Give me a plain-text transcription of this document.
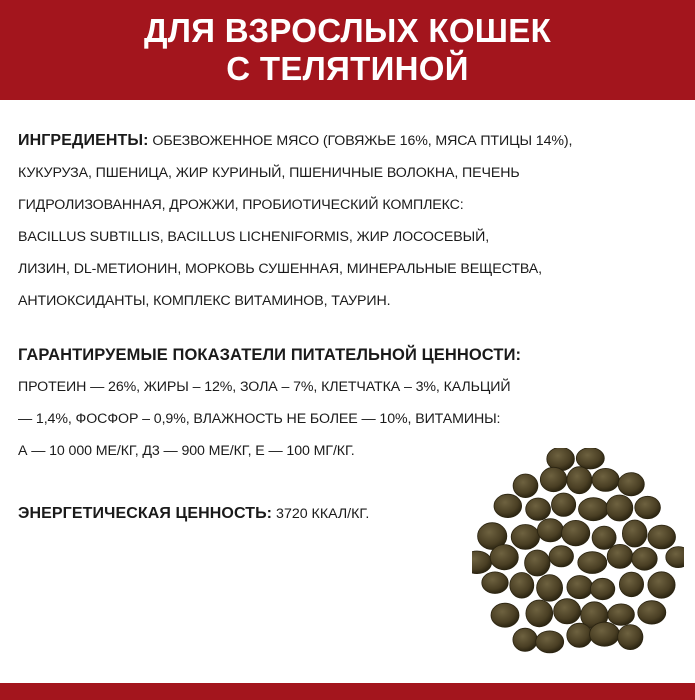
ДЛЯ ВЗРОСЛЫХ КОШЕК
С ТЕЛЯТИНОЙ
ИНГРЕДИЕНТЫ: ОБЕЗВОЖЕННОЕ МЯСО (ГОВЯЖЬЕ 16%, МЯСА ПТИЦЫ 14%),
КУКУРУЗА, ПШЕНИЦА, ЖИР КУРИНЫЙ, ПШЕНИЧНЫЕ ВОЛОКНА, ПЕЧЕНЬ
ГИДРОЛИЗОВАННАЯ, ДРОЖЖИ, ПРОБИОТИЧЕСКИЙ КОМПЛЕКС:
BACILLUS SUBTILLIS, BACILLUS LICHENIFORMIS, ЖИР ЛОСОСЕВЫЙ,
ЛИЗИН, DL-МЕТИОНИН, МОРКОВЬ СУШЕННАЯ, МИНЕРАЛЬНЫЕ ВЕЩЕСТВА,
АНТИОКСИДАНТЫ, КОМПЛЕКС ВИТАМИНОВ, ТАУРИН.
ГАРАНТИРУЕМЫЕ ПОКАЗАТЕЛИ ПИТАТЕЛЬНОЙ ЦЕННОСТИ:
ПРОТЕИН — 26%, ЖИРЫ – 12%, ЗОЛА – 7%, КЛЕТЧАТКА – 3%, КАЛЬЦИЙ
— 1,4%, ФОСФОР – 0,9%, ВЛАЖНОСТЬ НЕ БОЛЕЕ — 10%, ВИТАМИНЫ:
А — 10 000 МЕ/КГ, Д3 — 900 МЕ/КГ, Е — 100 МГ/КГ.
ЭНЕРГЕТИЧЕСКАЯ ЦЕННОСТЬ: 3720 ККАЛ/КГ.
